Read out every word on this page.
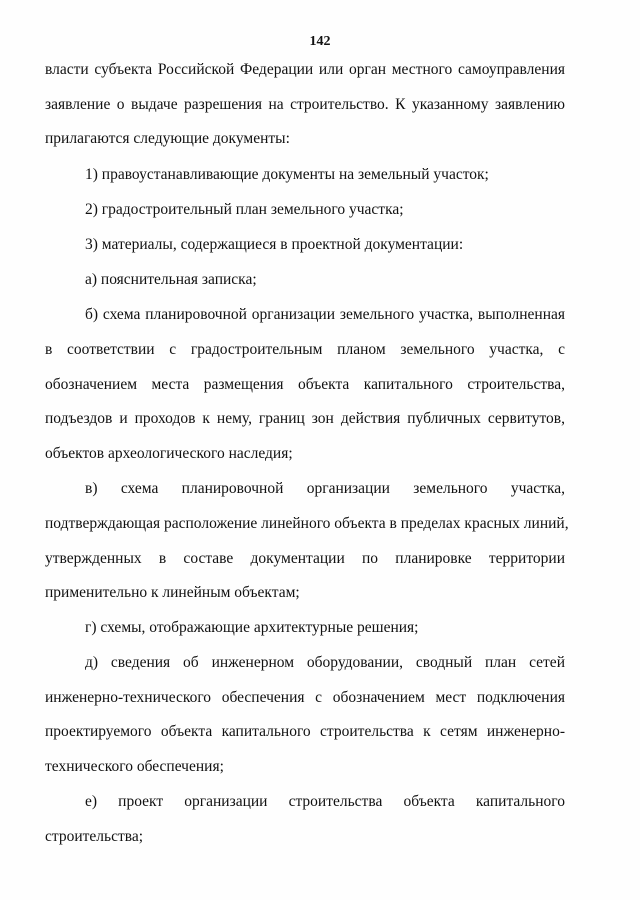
142
власти субъекта Российской Федерации или орган местного самоуправления
заявление о выдаче разрешения на строительство. К указанному заявлению
прилагаются следующие документы:
1) правоустанавливающие документы на земельный участок;
2) градостроительный план земельного участка;
3) материалы, содержащиеся в проектной документации:
а) пояснительная записка;
б) схема планировочной организации земельного участка, выполненная
в соответствии с градостроительным планом земельного участка, с
обозначением места размещения объекта капитального строительства,
подъездов и проходов к нему, границ зон действия публичных сервитутов,
объектов археологического наследия;
в) схема планировочной организации земельного участка,
подтверждающая расположение линейного объекта в пределах красных линий,
утвержденных в составе документации по планировке территории
применительно к линейным объектам;
г) схемы, отображающие архитектурные решения;
д) сведения об инженерном оборудовании, сводный план сетей
инженерно-технического обеспечения с обозначением мест подключения
проектируемого объекта капитального строительства к сетям инженерно-
технического обеспечения;
е) проект организации строительства объекта капитального
строительства;
